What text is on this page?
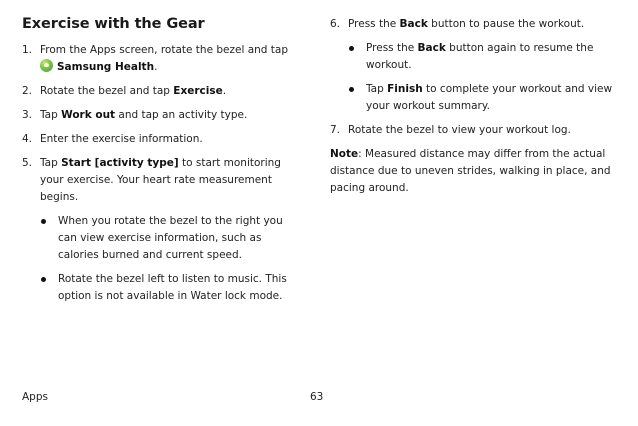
Exercise with the Gear
1. From the Apps screen, rotate the bezel and tap
Samsung Health.
2. Rotate the bezel and tap Exercise.
3. Tap Work out and tap an activity type.
4. Enter the exercise information.
5. Tap Start [activity type] to start monitoring your exercise. Your heart rate measurement begins.
When you rotate the bezel to the right you can view exercise information, such as calories burned and current speed.
Rotate the bezel left to listen to music. This option is not available in Water lock mode.
6. Press the Back button to pause the workout.
Press the Back button again to resume the workout.
Tap Finish to complete your workout and view your workout summary.
7. Rotate the bezel to view your workout log.
Note: Measured distance may differ from the actual distance due to uneven strides, walking in place, and pacing around.
Apps	63
